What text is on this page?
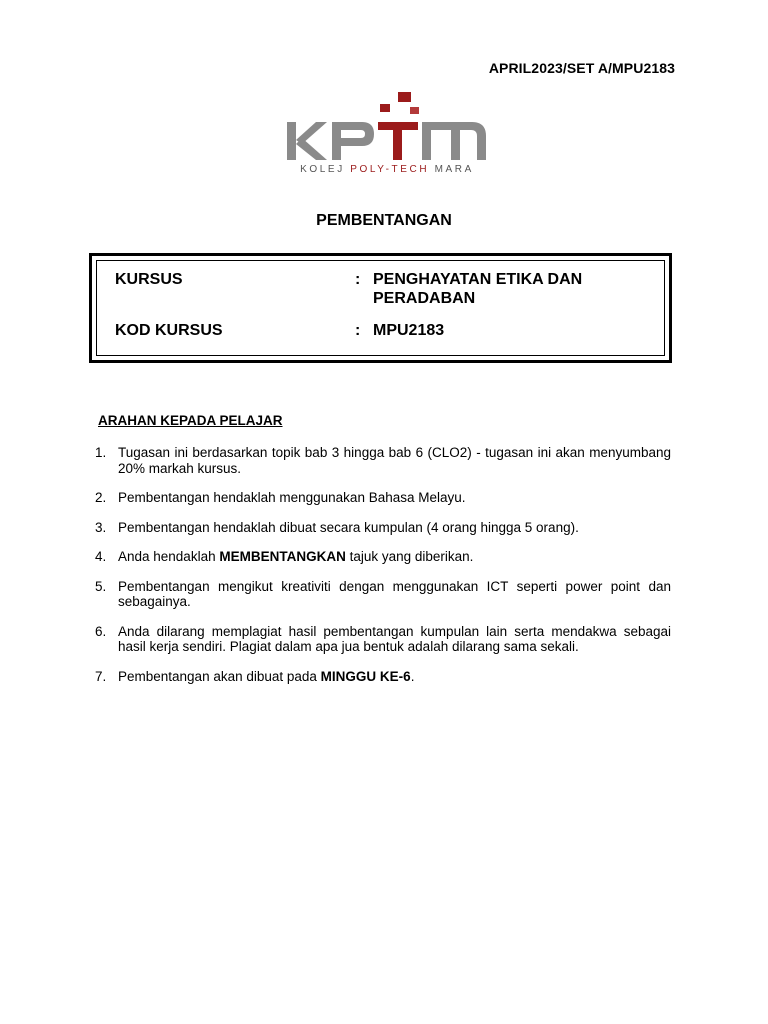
APRIL2023/SET A/MPU2183
KOLEJ POLY-TECH MARA
PEMBENTANGAN
KURSUS	: PENGHAYATAN ETIKA DAN
PERADABAN
KOD KURSUS	: MPU2183
ARAHAN KEPADA PELAJAR
1. Tugasan ini berdasarkan topik bab 3 hingga bab 6 (CLO2) - tugasan ini akan menyumbang 20% markah kursus.
2. Pembentangan hendaklah menggunakan Bahasa Melayu.
3. Pembentangan hendaklah dibuat secara kumpulan (4 orang hingga 5 orang).
4. Anda hendaklah MEMBENTANGKAN tajuk yang diberikan.
5. Pembentangan mengikut kreativiti dengan menggunakan ICT seperti power point dan sebagainya.
6. Anda dilarang memplagiat hasil pembentangan kumpulan lain serta mendakwa sebagai hasil kerja sendiri. Plagiat dalam apa jua bentuk adalah dilarang sama sekali.
7. Pembentangan akan dibuat pada MINGGU KE-6.
